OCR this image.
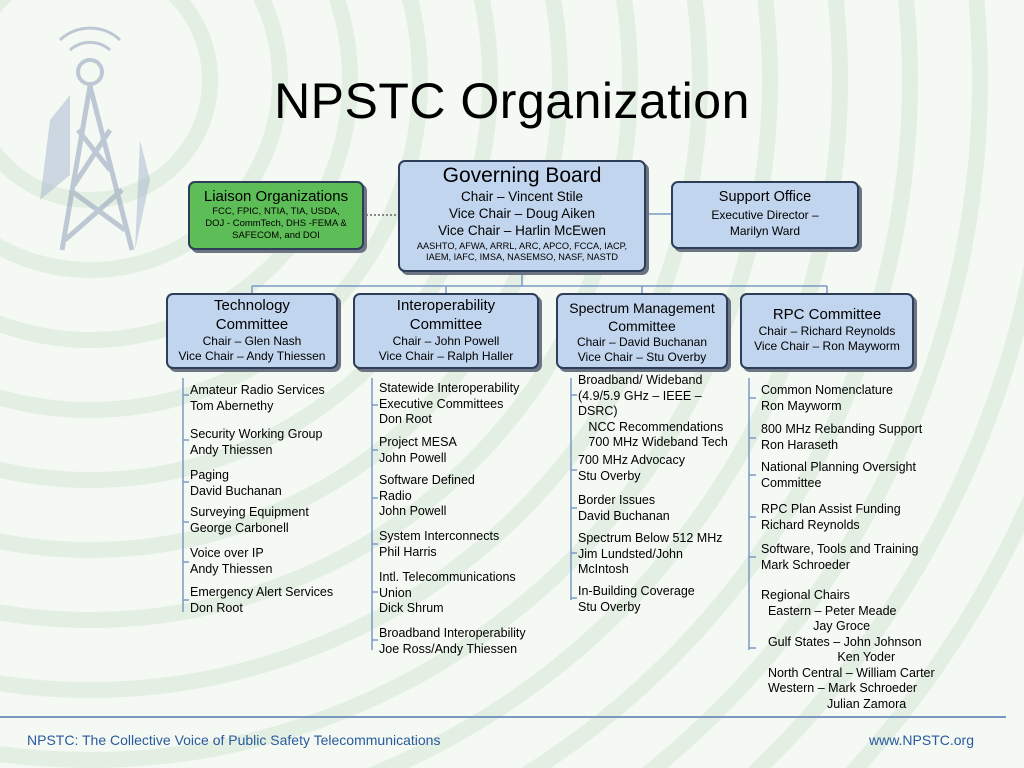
NPSTC Organization
Liaison Organizations
FCC, FPIC, NTIA, TIA, USDA,
DOJ - CommTech, DHS -FEMA &
SAFECOM, and DOI
Governing Board
Chair – Vincent Stile
Vice Chair – Doug Aiken
Vice Chair – Harlin McEwen
AASHTO, AFWA, ARRL, ARC, APCO, FCCA, IACP,
IAEM, IAFC, IMSA, NASEMSO, NASF, NASTD
Support Office
Executive Director –
Marilyn Ward
Technology
Committee
Chair – Glen Nash
Vice Chair – Andy Thiessen
Interoperability
Committee
Chair – John Powell
Vice Chair – Ralph Haller
Spectrum Management
Committee
Chair – David Buchanan
Vice Chair – Stu Overby
RPC Committee
Chair – Richard Reynolds
Vice Chair – Ron Mayworm
Amateur Radio Services
Tom Abernethy
Security Working Group
Andy Thiessen
Paging
David Buchanan
Surveying Equipment
George Carbonell
Voice over IP
Andy Thiessen
Emergency Alert Services
Don Root
Statewide Interoperability
Executive Committees
Don Root
Project MESA
John Powell
Software Defined
Radio
John Powell
System Interconnects
Phil Harris
Intl. Telecommunications
Union
Dick Shrum
Broadband Interoperability
Joe Ross/Andy Thiessen
Broadband/ Wideband
(4.9/5.9 GHz – IEEE –
DSRC)
NCC Recommendations
700 MHz Wideband Tech
700 MHz Advocacy
Stu Overby
Border Issues
David Buchanan
Spectrum Below 512 MHz
Jim Lundsted/John
McIntosh
In-Building Coverage
Stu Overby
Common Nomenclature
Ron Mayworm
800 MHz Rebanding Support
Ron Haraseth
National Planning Oversight
Committee
RPC Plan Assist Funding
Richard Reynolds
Software, Tools and Training
Mark Schroeder
Regional Chairs
Eastern – Peter Meade
Jay Groce
Gulf States – John Johnson
Ken Yoder
North Central – William Carter
Western – Mark Schroeder
Julian Zamora
NPSTC: The Collective Voice of Public Safety Telecommunications	www.NPSTC.org
